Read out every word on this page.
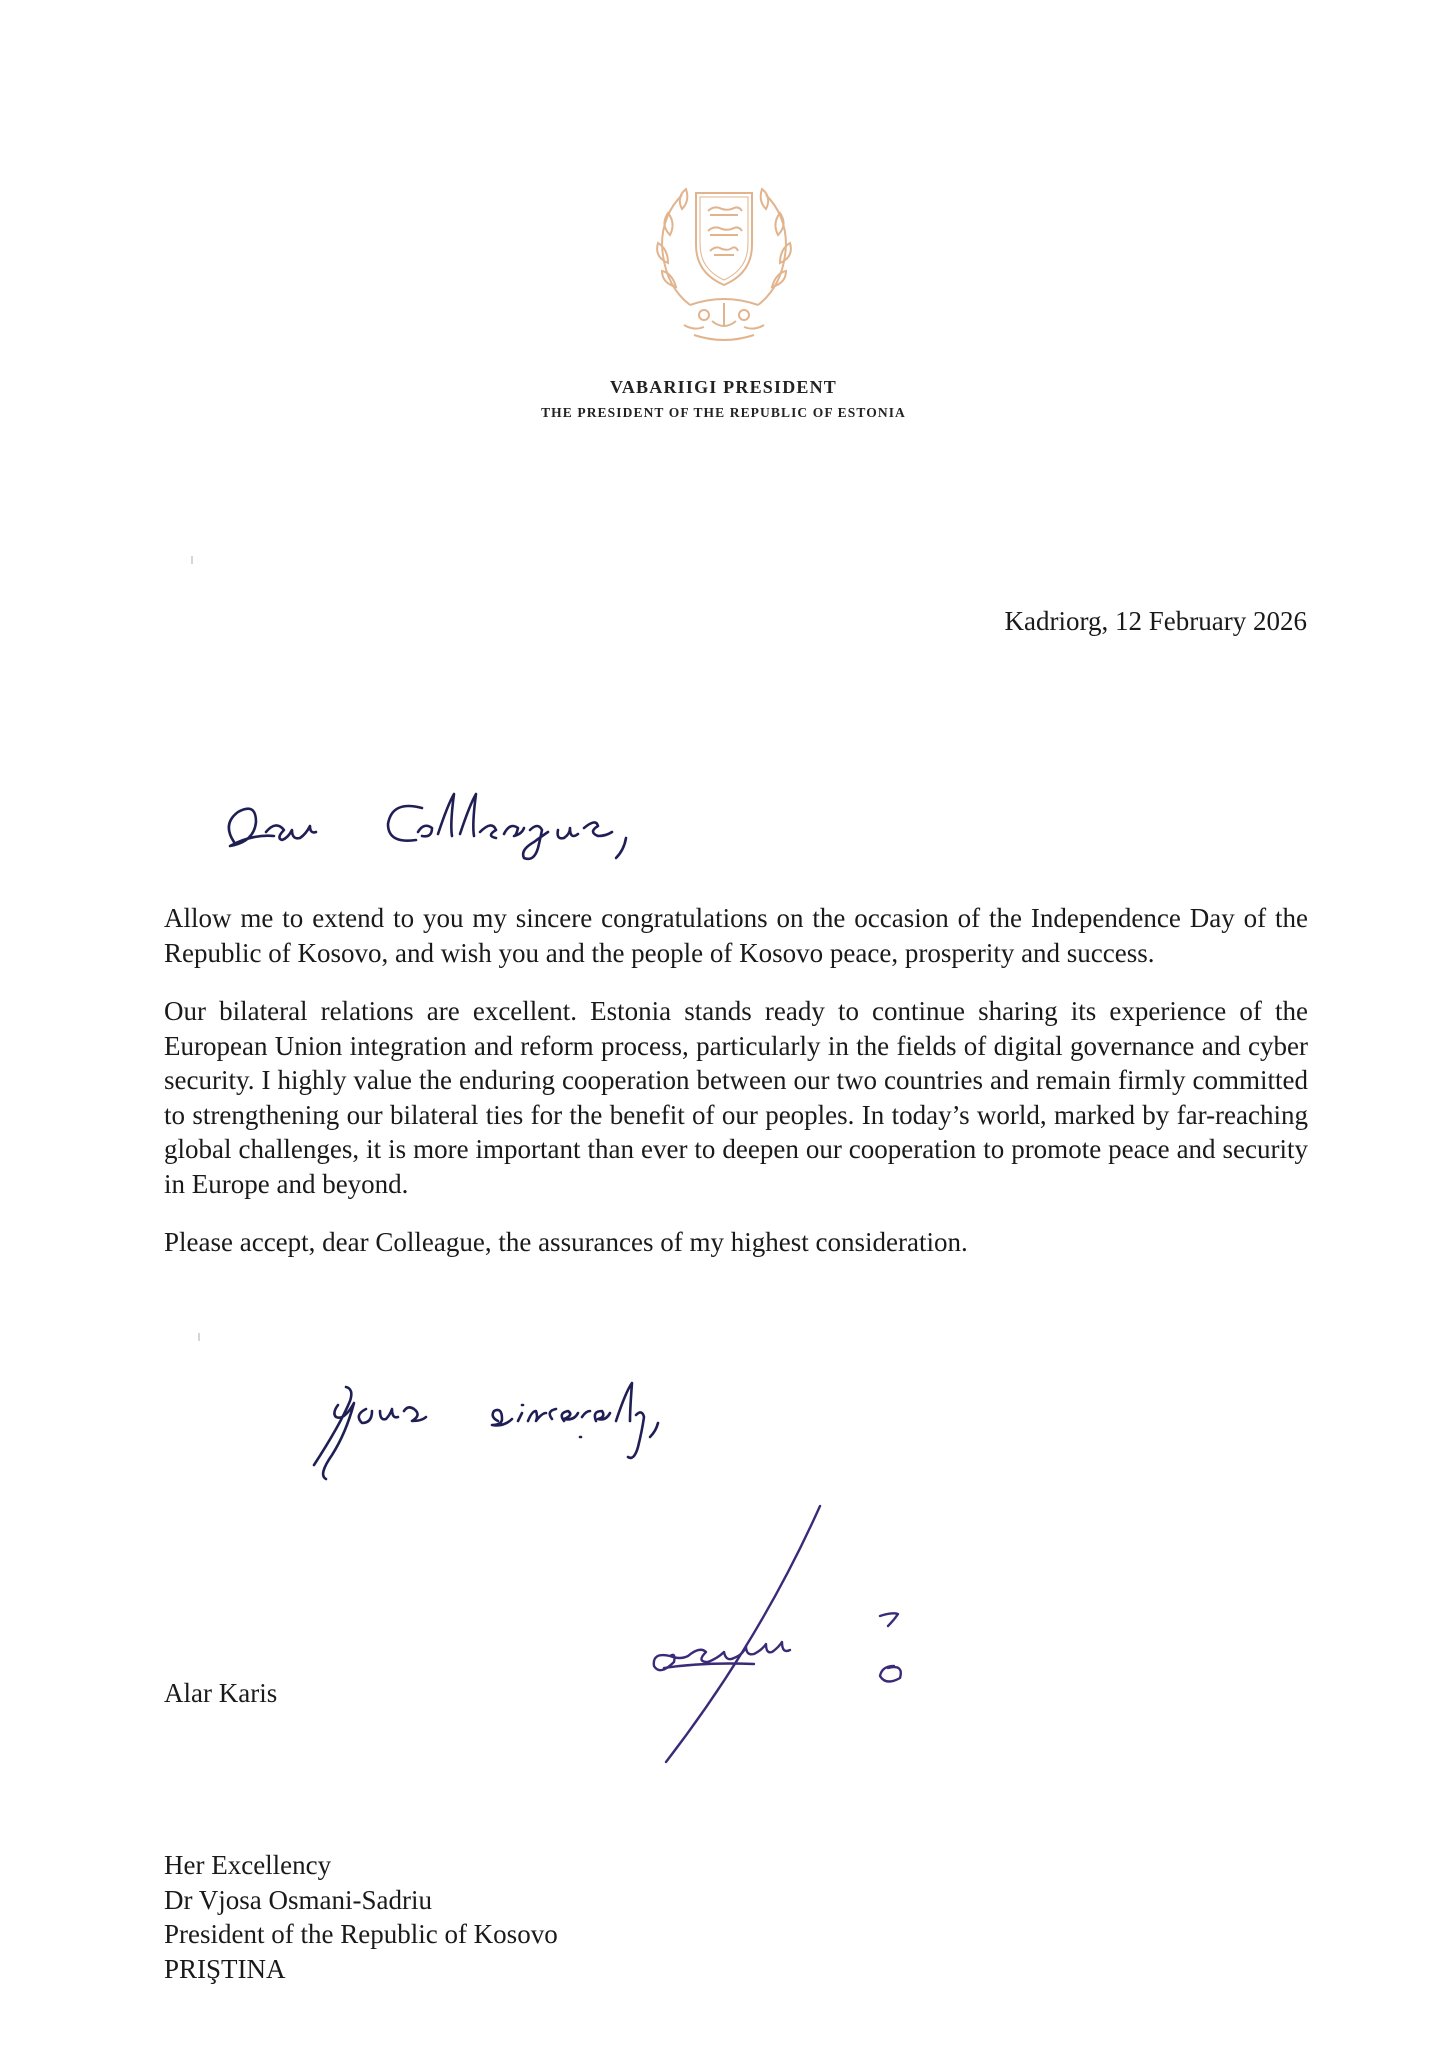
VABARIIGI PRESIDENT
THE PRESIDENT OF THE REPUBLIC OF ESTONIA
Kadriorg, 12 February 2026

Allow me to extend to you my sincere congratulations on the occasion of the Independence Day of the Republic of Kosovo, and wish you and the people of Kosovo peace, prosperity and success.

Our bilateral relations are excellent. Estonia stands ready to continue sharing its experience of the European Union integration and reform process, particularly in the fields of digital governance and cyber security. I highly value the enduring cooperation between our two countries and remain firmly committed to strengthening our bilateral ties for the benefit of our peoples. In today’s world, marked by far-reaching global challenges, it is more important than ever to deepen our cooperation to promote peace and security in Europe and beyond.

Please accept, dear Colleague, the assurances of my highest consideration.

Alar Karis
Her Excellency
Dr Vjosa Osmani-Sadriu
President of the Republic of Kosovo
PRIŞTINA
